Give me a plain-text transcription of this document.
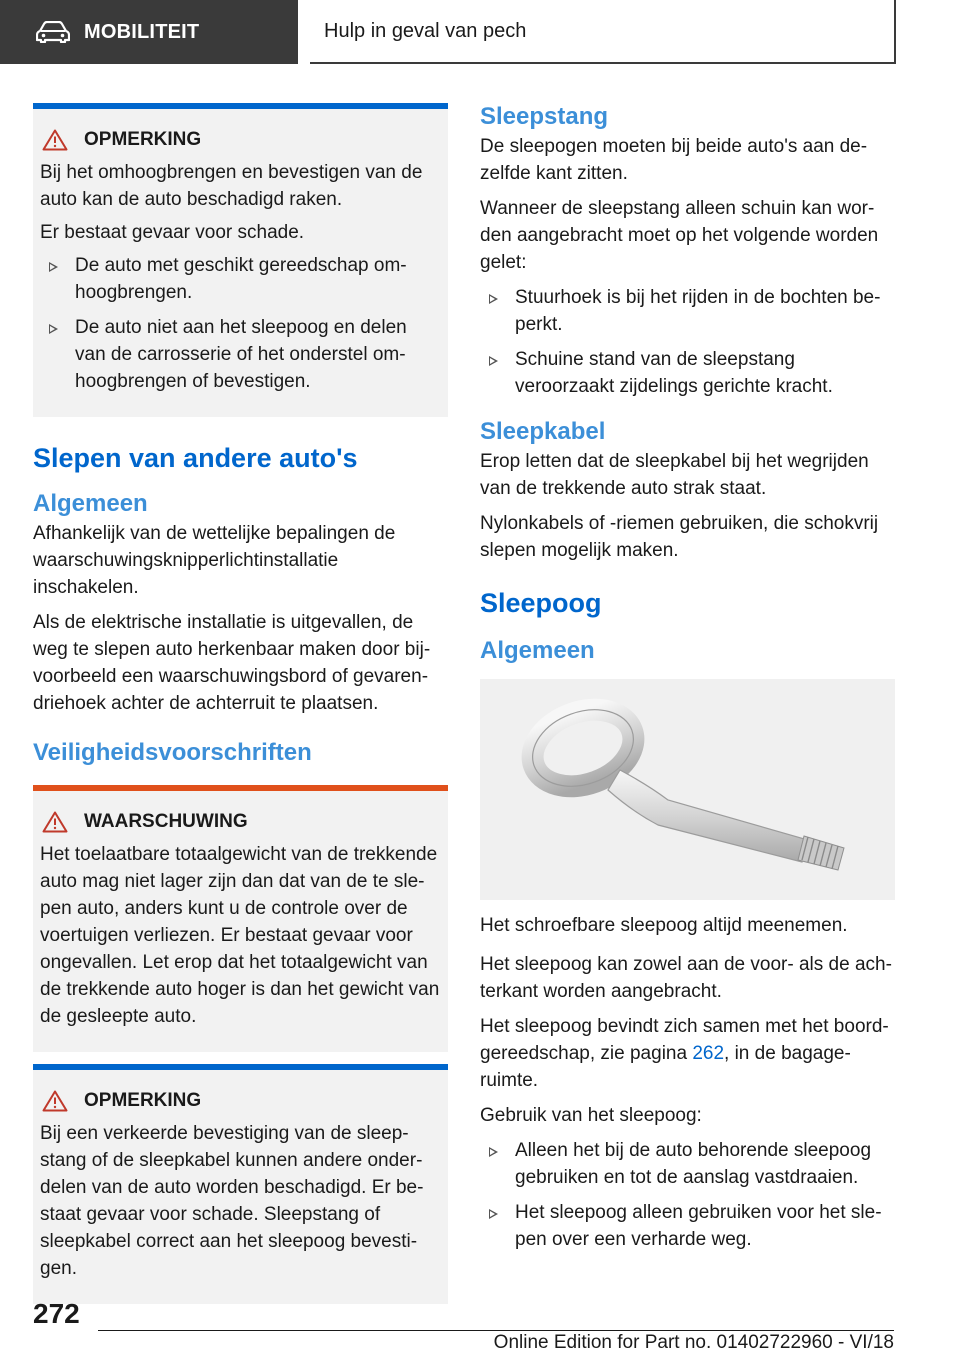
MOBILITEIT	Hulp in geval van pech
OPMERKING

Bij het omhoogbrengen en bevestigen van de auto kan de auto beschadigd raken.

Er bestaat gevaar voor schade.

De auto met geschikt gereedschap omhoogbrengen.
De auto niet aan het sleepoog en delen van de carrosserie of het onderstel omhoogbrengen of bevestigen.
Slepen van andere auto's
Algemeen

Afhankelijk van de wettelijke bepalingen de waarschuwingsknipperlichtinstallatie inschakelen.

Als de elektrische installatie is uitgevallen, de weg te slepen auto herkenbaar maken door bijvoorbeeld een waarschuwingsbord of gevarendriehoek achter de achterruit te plaatsen.

Veiligheidsvoorschriften
WAARSCHUWING

Het toelaatbare totaalgewicht van de trekkende auto mag niet lager zijn dan dat van de te slepen auto, anders kunt u de controle over de voertuigen verliezen. Er bestaat gevaar voor ongevallen. Let erop dat het totaalgewicht van de trekkende auto hoger is dan het gewicht van de gesleepte auto.

OPMERKING

Bij een verkeerde bevestiging van de sleepstang of de sleepkabel kunnen andere onderdelen van de auto worden beschadigd. Er bestaat gevaar voor schade. Sleepstang of sleepkabel correct aan het sleepoog bevestigen.

Sleepstang

De sleepogen moeten bij beide auto's aan dezelfde kant zitten.

Wanneer de sleepstang alleen schuin kan worden aangebracht moet op het volgende worden gelet:

Stuurhoek is bij het rijden in de bochten beperkt.
Schuine stand van de sleepstang veroorzaakt zijdelings gerichte kracht.
Sleepkabel

Erop letten dat de sleepkabel bij het wegrijden van de trekkende auto strak staat.

Nylonkabels of -riemen gebruiken, die schokvrij slepen mogelijk maken.

Sleepoog
Algemeen

Het schroefbare sleepoog altijd meenemen.

Het sleepoog kan zowel aan de voor- als de achterkant worden aangebracht.

Het sleepoog bevindt zich samen met het boordgereedschap, zie pagina 262, in de bagageruimte.

Gebruik van het sleepoog:

Alleen het bij de auto behorende sleepoog gebruiken en tot de aanslag vastdraaien.
Het sleepoog alleen gebruiken voor het slepen over een verharde weg.
272
Online Edition for Part no. 01402722960 - VI/18
